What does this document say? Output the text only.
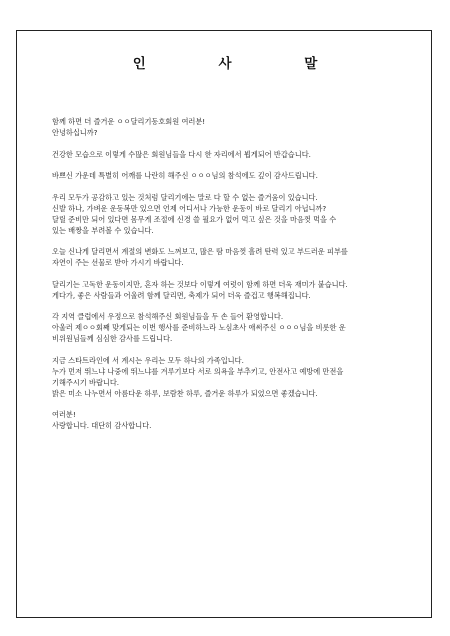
인 사 말
함께 하면 더 즐거운 ㅇㅇ달리기동호회원 여러분!
안녕하십니까?
건강한 모습으로 이렇게 수많은 회원님들을 다시 한 자리에서 뵙게되어 반갑습니다.
바쁘신 가운데 특별히 어깨를 나란히 해주신 ㅇㅇㅇ님의 참석에도 깊이 감사드립니다.
우리 모두가 공감하고 있는 것처럼 달리기에는 말로 다 할 수 없는 즐거움이 있습니다.
신발 하나, 가벼운 운동복만 있으면 언제 어디서나 가능한 운동이 바로 달리기 아닙니까?
달릴 준비만 되어 있다면 몸무게 조절에 신경 쓸 필요가 없어 먹고 싶은 것을 마음껏 먹을 수
있는 배짱을 부려볼 수 있습니다.
오늘 신나게 달리면서 계절의 변화도 느껴보고, 많은 땀 마음껏 흘려 탄력 있고 부드러운 피부를
자연이 주는 선물로 받아 가시기 바랍니다.
달리기는 고독한 운동이지만, 혼자 하는 것보다 이렇게 여럿이 함께 하면 더욱 재미가 붙습니다.
게다가, 좋은 사람들과 어울려 함께 달리면, 축제가 되어 더욱 즐겁고 행복해집니다.
각 지역 클럽에서 우정으로 참석해주신 회원님들을 두 손 들어 환영합니다.
아울러 제ㅇㅇ회째 맞게되는 이번 행사를 준비하느라 노심초사 애써주신 ㅇㅇㅇ님을 비롯한 운
비위원님들께 심심한 감사를 드립니다.
지금 스타트라인에 서 계시는 우리는 모두 하나의 가족입니다.
누가 먼저 뛰느냐 나중에 뛰느냐를 겨루기보다 서로 의욕을 부추키고, 안전사고 예방에 만전을
기해주시기 바랍니다.
밝은 미소 나누면서 아름다운 하루, 보람찬 하루, 즐거운 하루가 되었으면 좋겠습니다.
여러분!
사랑합니다. 대단히 감사합니다.
